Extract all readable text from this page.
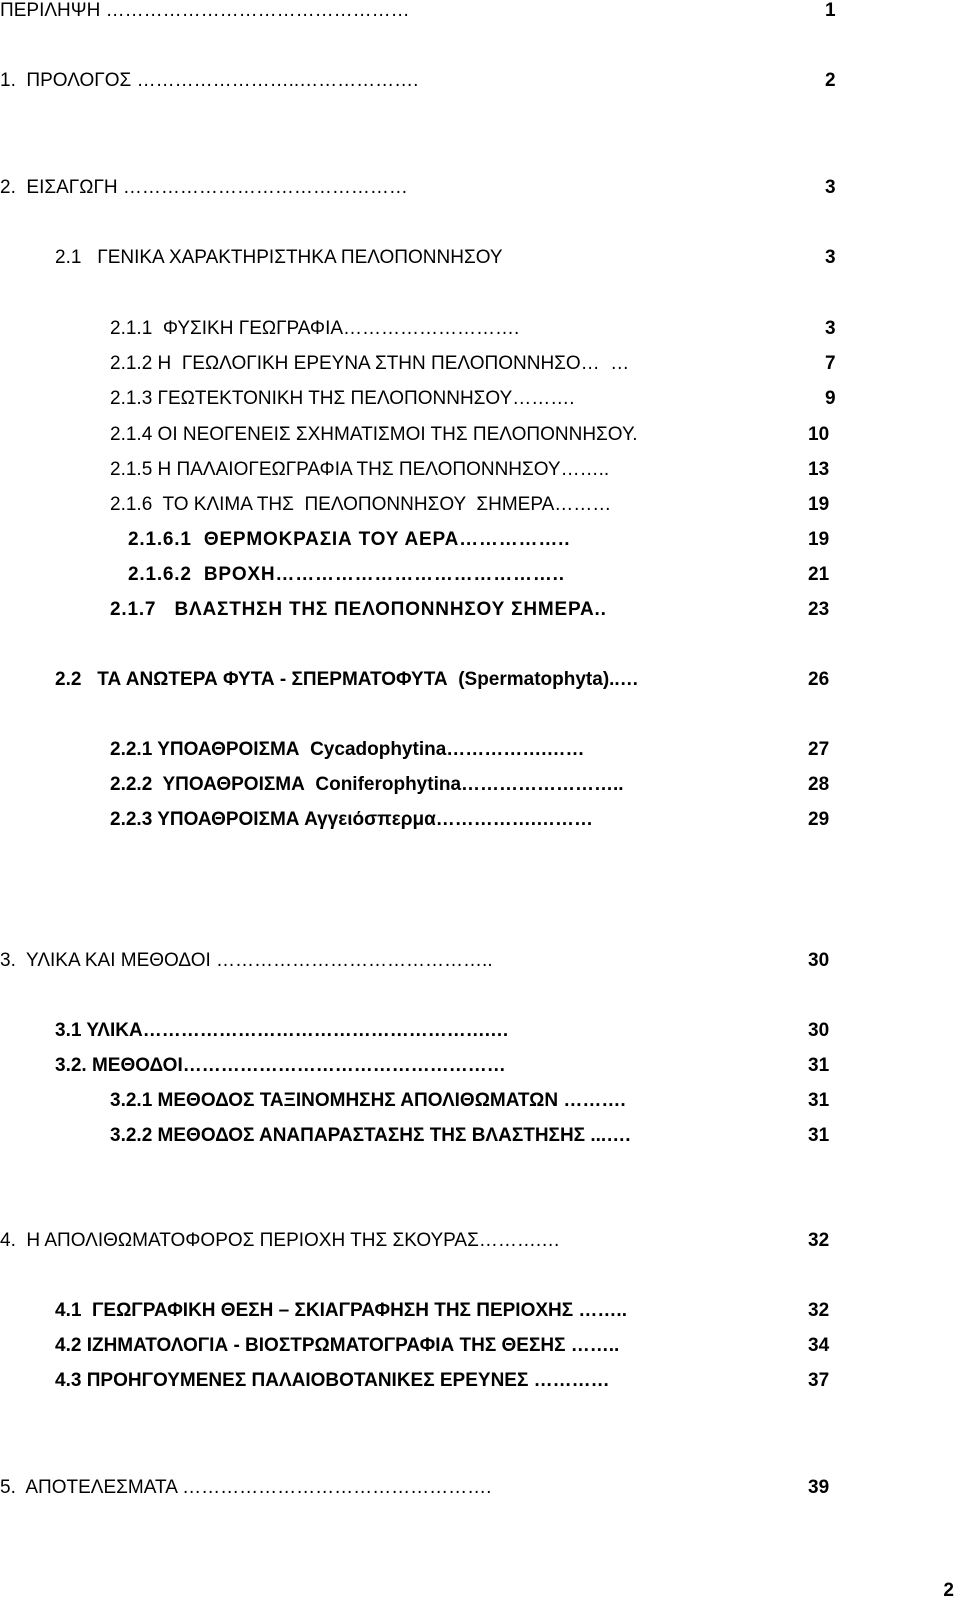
ΠΕΡΙΛΗΨΗ …………………………………………	1
1.  ΠΡΟΛΟΓΟΣ ……………………..……………….	2
2.  ΕΙΣΑΓΩΓΗ ………………………………………	3
2.1   ΓΕΝΙΚΑ ΧΑΡΑΚΤΗΡΙΣΤΗΚΑ ΠΕΛΟΠΟΝΝΗΣΟΥ	3
2.1.1  ΦΥΣΙΚΗ ΓΕΩΓΡΑΦΙΑ……………………….	3
2.1.2 Η  ΓΕΩΛΟΓΙΚΗ ΕΡΕΥΝΑ ΣΤΗΝ ΠΕΛΟΠΟΝΝΗΣΟ…  …	7
2.1.3 ΓΕΩΤΕΚΤΟΝΙΚΗ ΤΗΣ ΠΕΛΟΠΟΝΝΗΣΟΥ……….	9
2.1.4 ΟΙ ΝΕΟΓΕΝΕΙΣ ΣΧΗΜΑΤΙΣΜΟΙ ΤΗΣ ΠΕΛΟΠΟΝΝΗΣΟΥ.	10
2.1.5 Η ΠΑΛΑΙΟΓΕΩΓΡΑΦΙΑ ΤΗΣ ΠΕΛΟΠΟΝΝΗΣΟΥ……..	13
2.1.6  ΤΟ ΚΛΙΜΑ ΤΗΣ  ΠΕΛΟΠΟΝΝΗΣΟΥ  ΣΗΜΕΡΑ………	19
2.1.6.1  ΘΕΡΜΟΚΡΑΣΙΑ ΤΟΥ ΑΕΡΑ……………..	19
2.1.6.2  ΒΡΟΧΗ……………………………………..	21
2.1.7   ΒΛΑΣΤΗΣΗ ΤΗΣ ΠΕΛΟΠΟΝΝΗΣΟΥ ΣΗΜΕΡΑ..	23
2.2   ΤΑ ΑΝΩΤΕΡΑ ΦΥΤΑ - ΣΠΕΡΜΑΤΟΦΥΤΑ  (Spermatophyta)..…	26
2.2.1 ΥΠΟΑΘΡΟΙΣΜΑ  Cycadophytina…………….……	27
2.2.2  ΥΠΟΑΘΡΟΙΣΜΑ  Coniferophytina……………………..	28
2.2.3 ΥΠΟΑΘΡΟΙΣΜΑ Αγγειόσπερμα…………….………	29
3.  ΥΛΙΚΑ ΚΑΙ ΜΕΘΟΔΟΙ ……………………………………..	30
3.1 ΥΛΙΚΑ……………………………………………….…	30
3.2. ΜΕΘΟΔΟΙ……………………………………………	31
3.2.1 ΜΕΘΟΔΟΣ ΤΑΞΙΝΟΜΗΣΗΣ ΑΠΟΛΙΘΩΜΑΤΩΝ ……….	31
3.2.2 ΜΕΘΟΔΟΣ ΑΝΑΠΑΡΑΣΤΑΣΗΣ ΤΗΣ ΒΛΑΣΤΗΣΗΣ ...….	31
4.  Η ΑΠΟΛΙΘΩΜΑΤΟΦΟΡΟΣ ΠΕΡΙΟΧΗ ΤΗΣ ΣΚΟΥΡΑΣ……….…	32
4.1  ΓΕΩΓΡΑΦΙΚΗ ΘΕΣΗ – ΣΚΙΑΓΡΑΦΗΣΗ ΤΗΣ ΠΕΡΙΟΧΗΣ ……..	32
4.2 ΙΖΗΜΑΤΟΛΟΓΙΑ - ΒΙΟΣΤΡΩΜΑΤΟΓΡΑΦΙΑ ΤΗΣ ΘΕΣΗΣ ……..	34
4.3 ΠΡΟΗΓΟΥΜΕΝΕΣ ΠΑΛΑΙΟΒΟΤΑΝΙΚΕΣ ΕΡΕΥΝΕΣ …………	37
5.  ΑΠΟΤΕΛΕΣΜΑΤΑ ………………………………………….	39
2
